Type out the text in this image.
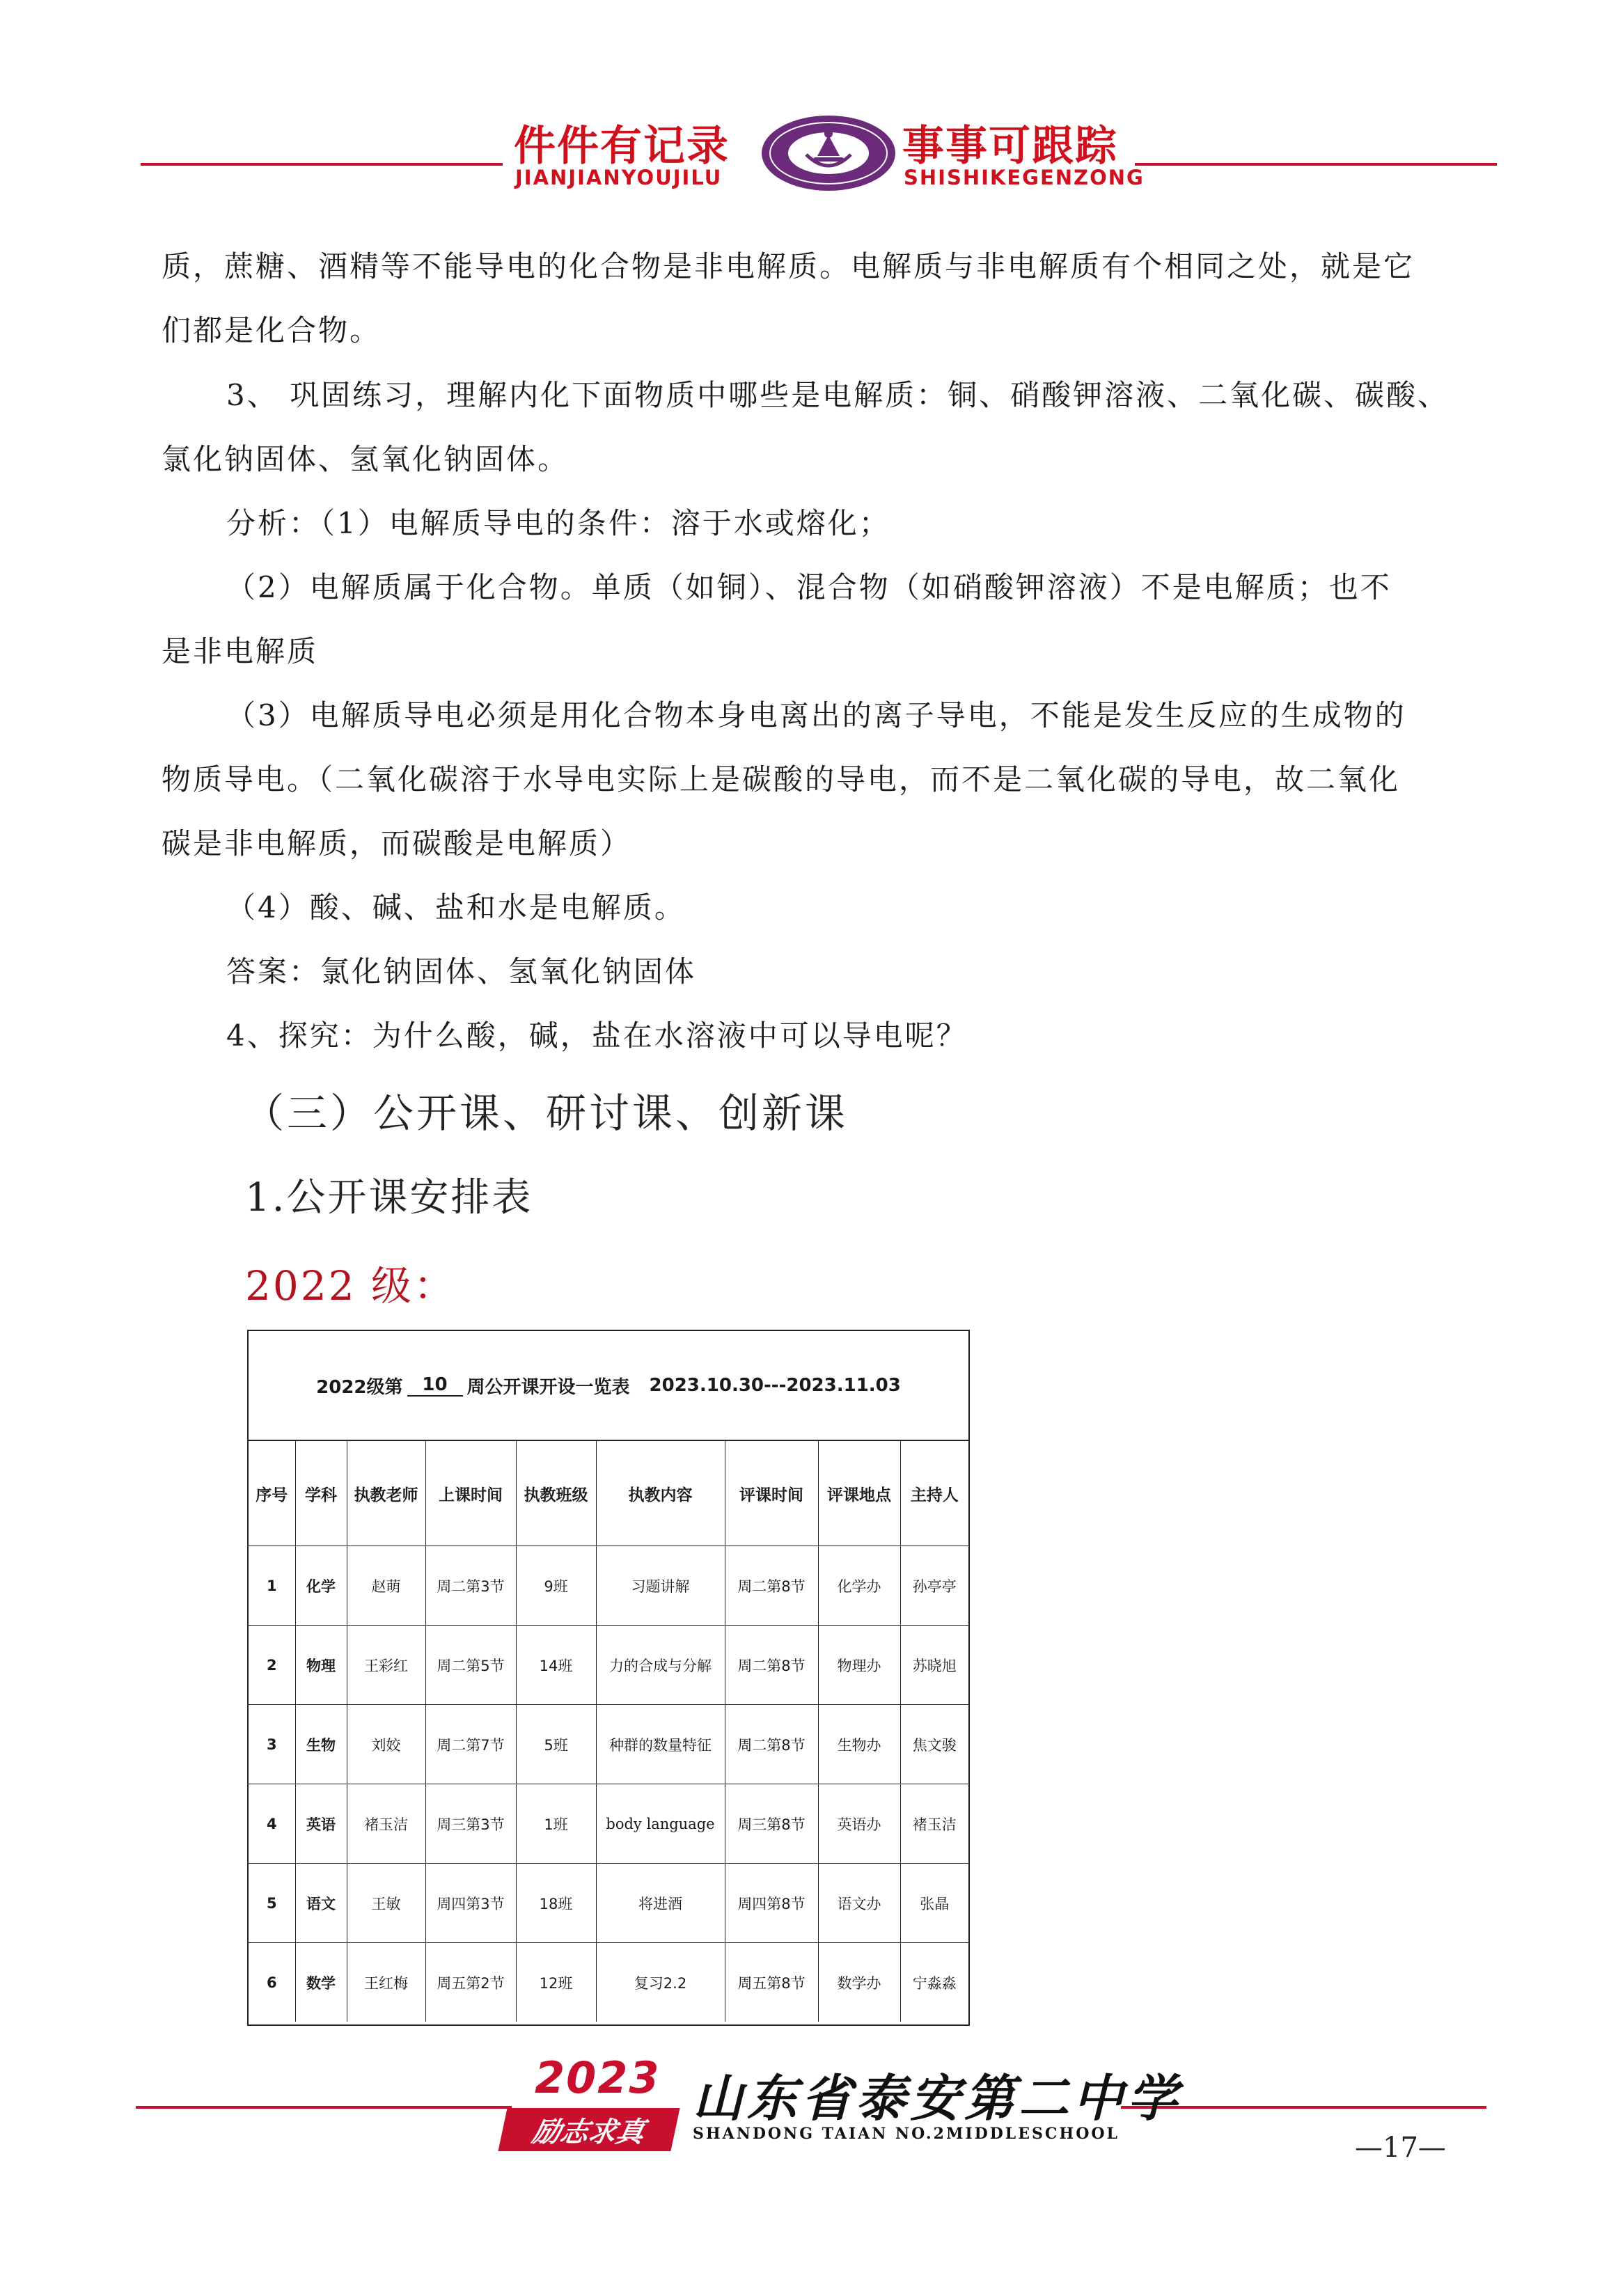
件件有记录
JIANJIANYOUJILU
事事可跟踪
SHISHIKEGENZONG
质，蔗糖、酒精等不能导电的化合物是非电解质。电解质与非电解质有个相同之处，就是它
们都是化合物。
3、 巩固练习，理解内化下面物质中哪些是电解质：铜、硝酸钾溶液、二氧化碳、碳酸、
氯化钠固体、氢氧化钠固体。
分析：（1）电解质导电的条件：溶于水或熔化；
（2）电解质属于化合物。单质（如铜）、混合物（如硝酸钾溶液）不是电解质；也不
是非电解质
（3）电解质导电必须是用化合物本身电离出的离子导电，不能是发生反应的生成物的
物质导电。（二氧化碳溶于水导电实际上是碳酸的导电，而不是二氧化碳的导电，故二氧化
碳是非电解质，而碳酸是电解质）
（4）酸、碱、盐和水是电解质。
答案：氯化钠固体、氢氧化钠固体
4、探究：为什么酸，碱，盐在水溶液中可以导电呢？
（三）公开课、研讨课、创新课
1.公开课安排表
2022 级：
2022级第	10	周公开课开设一览表 2023.10.30---2023.11.03
序号	学科	执教老师	上课时间	执教班级	执教内容	评课时间	评课地点	主持人
1	化学	赵萌	周二第3节	9班	习题讲解	周二第8节	化学办	孙亭亭
2	物理	王彩红	周二第5节	14班	力的合成与分解	周二第8节	物理办	苏晓旭
3	生物	刘姣	周二第7节	5班	种群的数量特征	周二第8节	生物办	焦文骏
4	英语	褚玉洁	周三第3节	1班	body language	周三第8节	英语办	褚玉洁
5	语文	王敏	周四第3节	18班	将进酒	周四第8节	语文办	张晶
6	数学	王红梅	周五第2节	12班	复习2.2	周五第8节	数学办	宁淼淼
2023
励志求真
山东省泰安第二中学
SHANDONG TAIAN NO.2MIDDLESCHOOL	—17—
